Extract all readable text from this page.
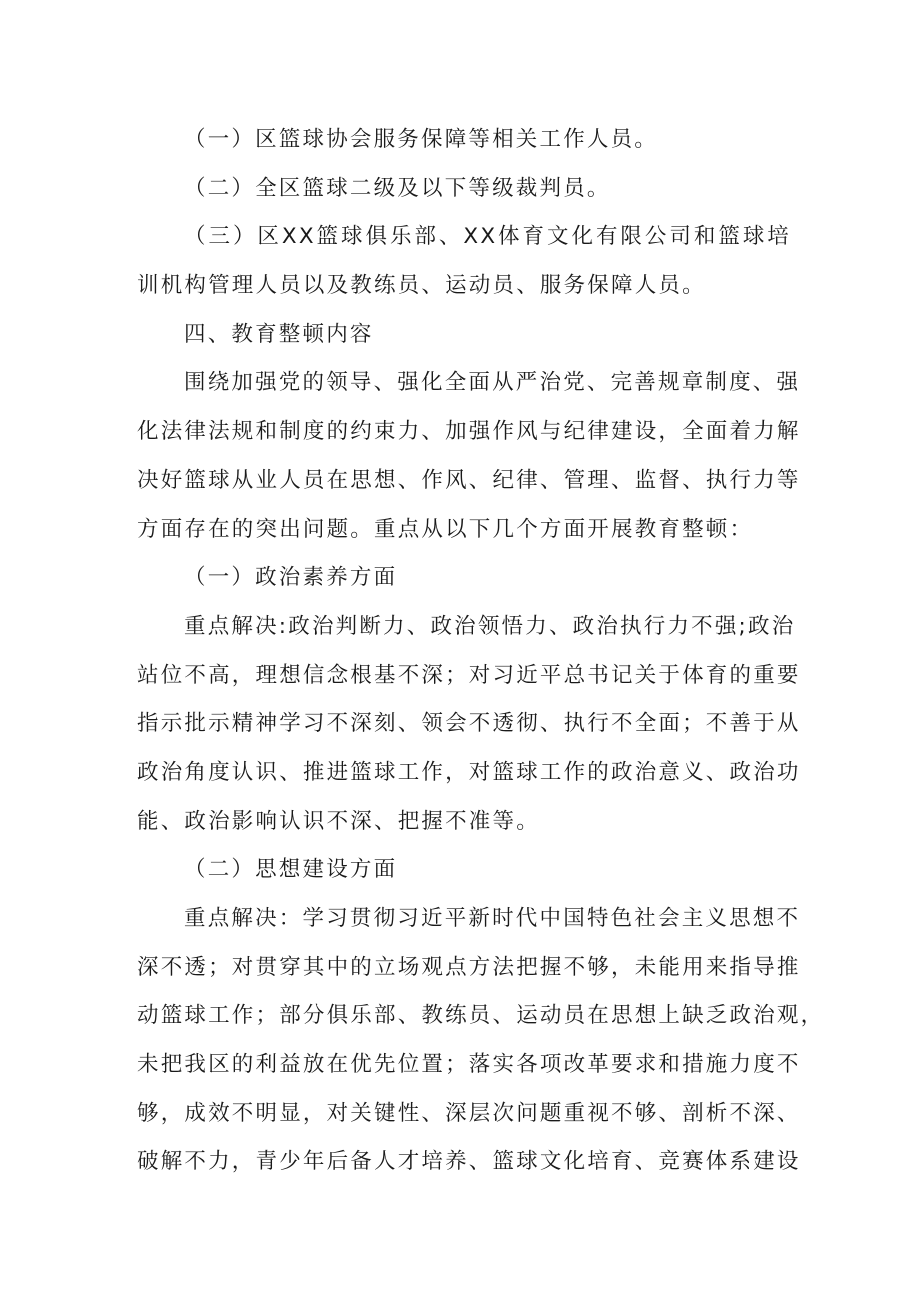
（一）区篮球协会服务保障等相关工作人员。
（二）全区篮球二级及以下等级裁判员。
（三）区XX篮球俱乐部、XX体育文化有限公司和篮球培
训机构管理人员以及教练员、运动员、服务保障人员。
四、教育整顿内容
围绕加强党的领导、强化全面从严治党、完善规章制度、强
化法律法规和制度的约束力、加强作风与纪律建设，全面着力解
决好篮球从业人员在思想、作风、纪律、管理、监督、执行力等
方面存在的突出问题。重点从以下几个方面开展教育整顿：
（一）政治素养方面
重点解决:政治判断力、政治领悟力、政治执行力不强;政治
站位不高，理想信念根基不深；对习近平总书记关于体育的重要
指示批示精神学习不深刻、领会不透彻、执行不全面；不善于从
政治角度认识、推进篮球工作，对篮球工作的政治意义、政治功
能、政治影响认识不深、把握不准等。
（二）思想建设方面
重点解决：学习贯彻习近平新时代中国特色社会主义思想不
深不透；对贯穿其中的立场观点方法把握不够，未能用来指导推
动篮球工作；部分俱乐部、教练员、运动员在思想上缺乏政治观，
未把我区的利益放在优先位置；落实各项改革要求和措施力度不
够，成效不明显，对关键性、深层次问题重视不够、剖析不深、
破解不力，青少年后备人才培养、篮球文化培育、竞赛体系建设
